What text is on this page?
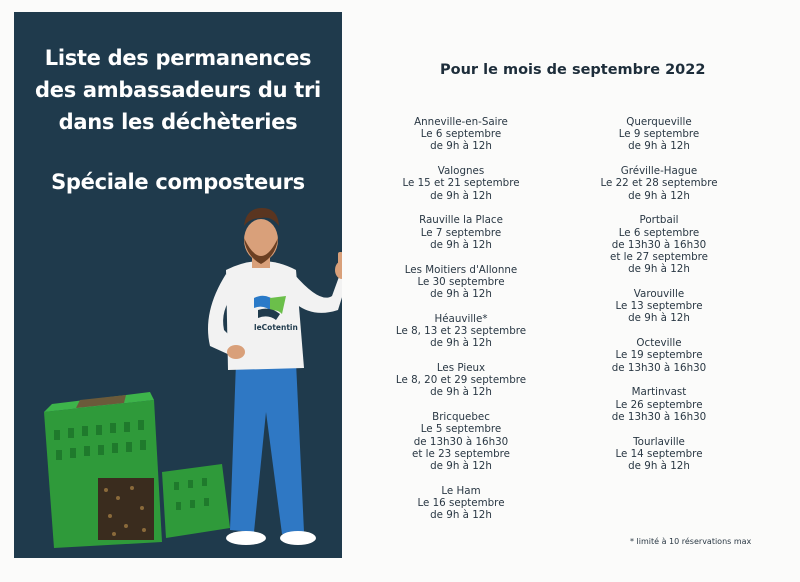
Liste des permanences
des ambassadeurs du tri
dans les déchèteries
Spéciale composteurs
leCotentin
Pour le mois de septembre 2022
Anneville-en-Saire
Le 6 septembre
de 9h à 12h
Valognes
Le 15 et 21 septembre
de 9h à 12h
Rauville la Place
Le 7 septembre
de 9h à 12h
Les Moitiers d'Allonne
Le 30 septembre
de 9h à 12h
Héauville*
Le 8, 13 et 23 septembre
de 9h à 12h
Les Pieux
Le 8, 20 et 29 septembre
de 9h à 12h
Bricquebec
Le 5 septembre
de 13h30 à 16h30
et le 23 septembre
de 9h à 12h
Le Ham
Le 16 septembre
de 9h à 12h
Querqueville
Le 9 septembre
de 9h à 12h
Gréville-Hague
Le 22 et 28 septembre
de 9h à 12h
Portbail
Le 6 septembre
de 13h30 à 16h30
et le 27 septembre
de 9h à 12h
Varouville
Le 13 septembre
de 9h à 12h
Octeville
Le 19 septembre
de 13h30 à 16h30
Martinvast
Le 26 septembre
de 13h30 à 16h30
Tourlaville
Le 14 septembre
de 9h à 12h
* limité à 10 réservations max
